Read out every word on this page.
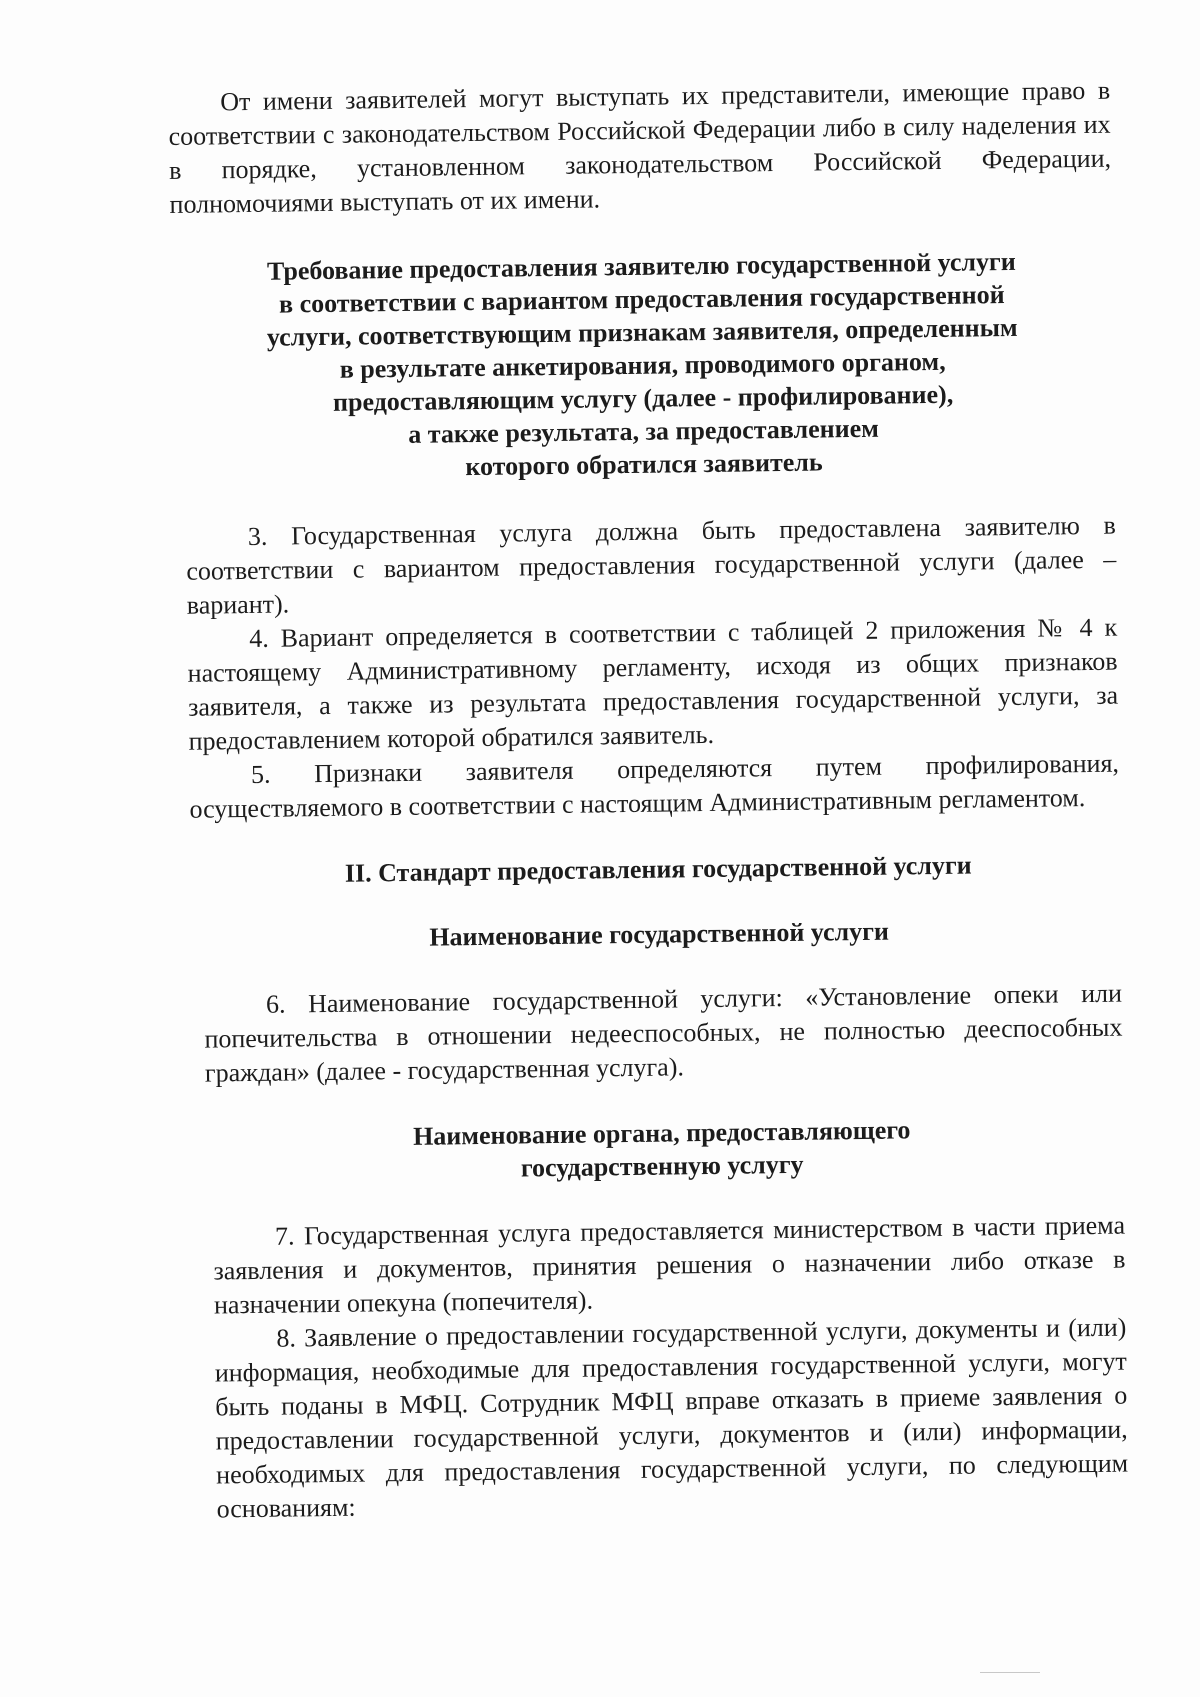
От имени заявителей могут выступать их представители, имеющие право в соответствии с законодательством Российской Федерации либо в силу наделения их в порядке, установленном законодательством Российской Федерации, полномочиями выступать от их имени.

Требование предоставления заявителю государственной услуги
в соответствии с вариантом предоставления государственной
услуги, соответствующим признакам заявителя, определенным
в результате анкетирования, проводимого органом,
предоставляющим услугу (далее - профилирование),
а также результата, за предоставлением
которого обратился заявитель

3. Государственная услуга должна быть предоставлена заявителю в соответствии с вариантом предоставления государственной услуги (далее – вариант).

4. Вариант определяется в соответствии с таблицей 2 приложения № 4 к настоящему Административному регламенту, исходя из общих признаков заявителя, а также из результата предоставления государственной услуги, за предоставлением которой обратился заявитель.

5. Признаки заявителя определяются путем профилирования, осуществляемого в соответствии с настоящим Административным регламентом.

II. Стандарт предоставления государственной услуги
Наименование государственной услуги

6. Наименование государственной услуги: «Установление опеки или попечительства в отношении недееспособных, не полностью дееспособных граждан» (далее - государственная услуга).

Наименование органа, предоставляющего
государственную услугу

7. Государственная услуга предоставляется министерством в части приема заявления и документов, принятия решения о назначении либо отказе в назначении опекуна (попечителя).

8. Заявление о предоставлении государственной услуги, документы и (или) информация, необходимые для предоставления государственной услуги, могут быть поданы в МФЦ. Сотрудник МФЦ вправе отказать в приеме заявления о предоставлении государственной услуги, документов и (или) информации, необходимых для предоставления государственной услуги, по следующим основаниям:
